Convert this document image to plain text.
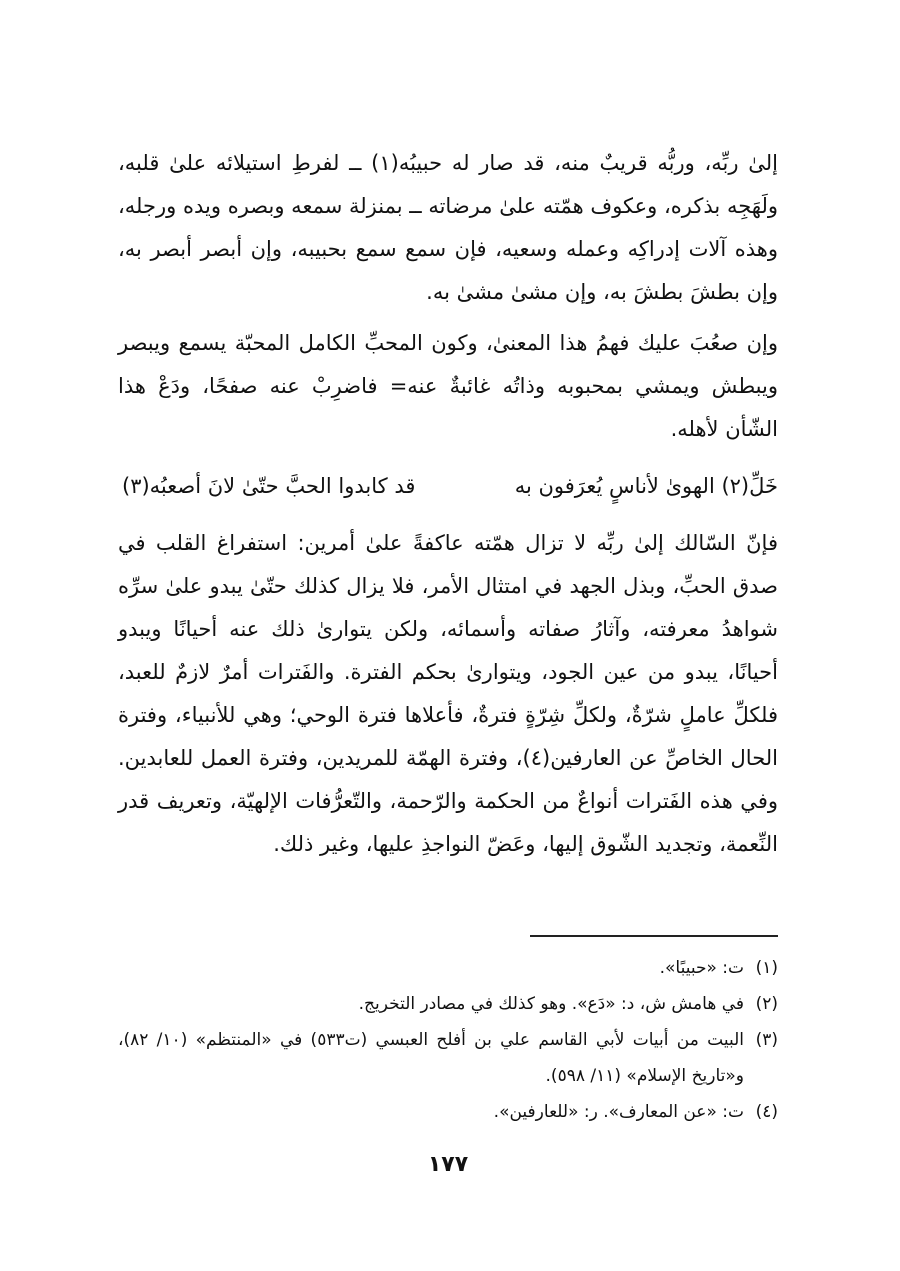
إلىٰ ربِّه، وربُّه قريبٌ منه، قد صار له حبيبُه(١) ــ لفرطِ استيلائه علىٰ قلبه، ولَهَجِه بذكره، وعكوف همّته علىٰ مرضاته ــ بمنزلة سمعه وبصره ويده ورجله، وهذه آلات إدراكِه وعمله وسعيه، فإن سمع سمع بحبيبه، وإن أبصر أبصر به، وإن بطشَ بطشَ به، وإن مشىٰ مشىٰ به.

وإن صعُبَ عليك فهمُ هذا المعنىٰ، وكون المحبِّ الكامل المحبّة يسمع ويبصر ويبطش ويمشي بمحبوبه وذاتُه غائبةٌ عنه= فاضرِبْ عنه صفحًا، ودَعْ هذا الشّأن لأهله.

خَلِّ(٢) الهوىٰ لأناسٍ يُعرَفون به
قد كابدوا الحبَّ حتّىٰ لانَ أصعبُه(٣)

فإنّ السّالك إلىٰ ربِّه لا تزال همّته عاكفةً علىٰ أمرين: استفراغ القلب في صدق الحبِّ، وبذل الجهد في امتثال الأمر، فلا يزال كذلك حتّىٰ يبدو علىٰ سرِّه شواهدُ معرفته، وآثارُ صفاته وأسمائه، ولكن يتوارىٰ ذلك عنه أحيانًا ويبدو أحيانًا، يبدو من عين الجود، ويتوارىٰ بحكم الفترة. والفَترات أمرٌ لازمٌ للعبد، فلكلِّ عاملٍ شرّةٌ، ولكلِّ شِرّةٍ فترةٌ، فأعلاها فترة الوحي؛ وهي للأنبياء، وفترة الحال الخاصِّ عن العارفين(٤)، وفترة الهمّة للمريدين، وفترة العمل للعابدين. وفي هذه الفَترات أنواعٌ من الحكمة والرّحمة، والتّعرُّفات الإلهيّة، وتعريف قدر النِّعمة، وتجديد الشّوق إليها، وعَضّ النواجذِ عليها، وغير ذلك.

(١)
ت: «حبيبًا».
(٢)
في هامش ش، د: «دَع». وهو كذلك في مصادر التخريج.
(٣)
البيت من أبيات لأبي القاسم علي بن أفلح العبسي (ت٥٣٣) في «المنتظم» (١٠/ ٨٢)، و«تاريخ الإسلام» (١١/ ٥٩٨).
(٤)
ت: «عن المعارف». ر: «للعارفين».
١٧٧
